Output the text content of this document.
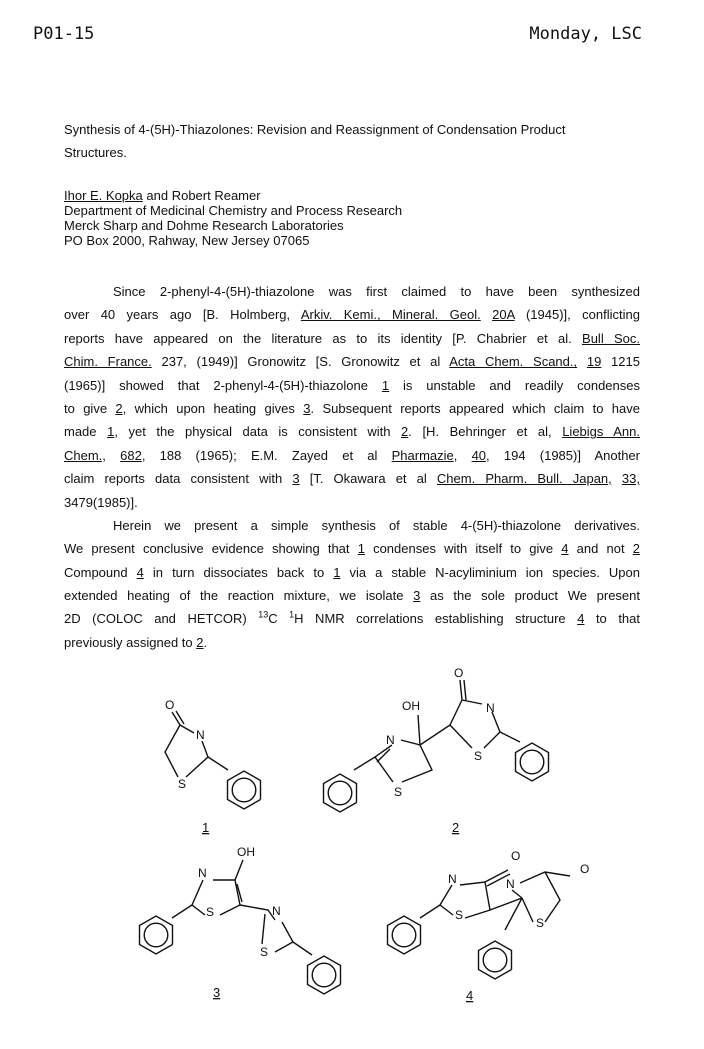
P01-15	Monday, LSC
Synthesis of 4-(5H)-Thiazolones: Revision and Reassignment of Condensation Product
Structures.
Ihor E. Kopka and Robert Reamer
Department of Medicinal Chemistry and Process Research
Merck Sharp and Dohme Research Laboratories
PO Box 2000, Rahway, New Jersey 07065
Since 2-phenyl-4-(5H)-thiazolone was first claimed to have been synthesized
over 40 years ago [B. Holmberg, Arkiv. Kemi., Mineral. Geol. 20A (1945)], conflicting
reports have appeared on the literature as to its identity [P. Chabrier et al. Bull Soc.
Chim. France. 237, (1949)] Gronowitz [S. Gronowitz et al Acta Chem. Scand., 19 1215
(1965)] showed that 2-phenyl-4-(5H)-thiazolone 1 is unstable and readily condenses
to give 2, which upon heating gives 3. Subsequent reports appeared which claim to have
made 1, yet the physical data is consistent with 2. [H. Behringer et al, Liebigs Ann.
Chem., 682, 188 (1965); E.M. Zayed et al Pharmazie, 40, 194 (1985)] Another
claim reports data consistent with 3 [T. Okawara et al Chem. Pharm. Bull. Japan, 33,
3479(1985)].
Herein we present a simple synthesis of stable 4-(5H)-thiazolone derivatives.
We present conclusive evidence showing that 1 condenses with itself to give 4 and not 2
Compound 4 in turn dissociates back to 1 via a stable N-acyliminium ion species. Upon
extended heating of the reaction mixture, we isolate 3 as the sole product We present
2D (COLOC and HETCOR) $^{13}$C $^1$H NMR correlations establishing structure 4 to that
previously assigned to 2.
O
N
S
1
OH
N
S
O
N
S
2
OH
N
S	N
S
3
O
N
S
N
O
S
4
